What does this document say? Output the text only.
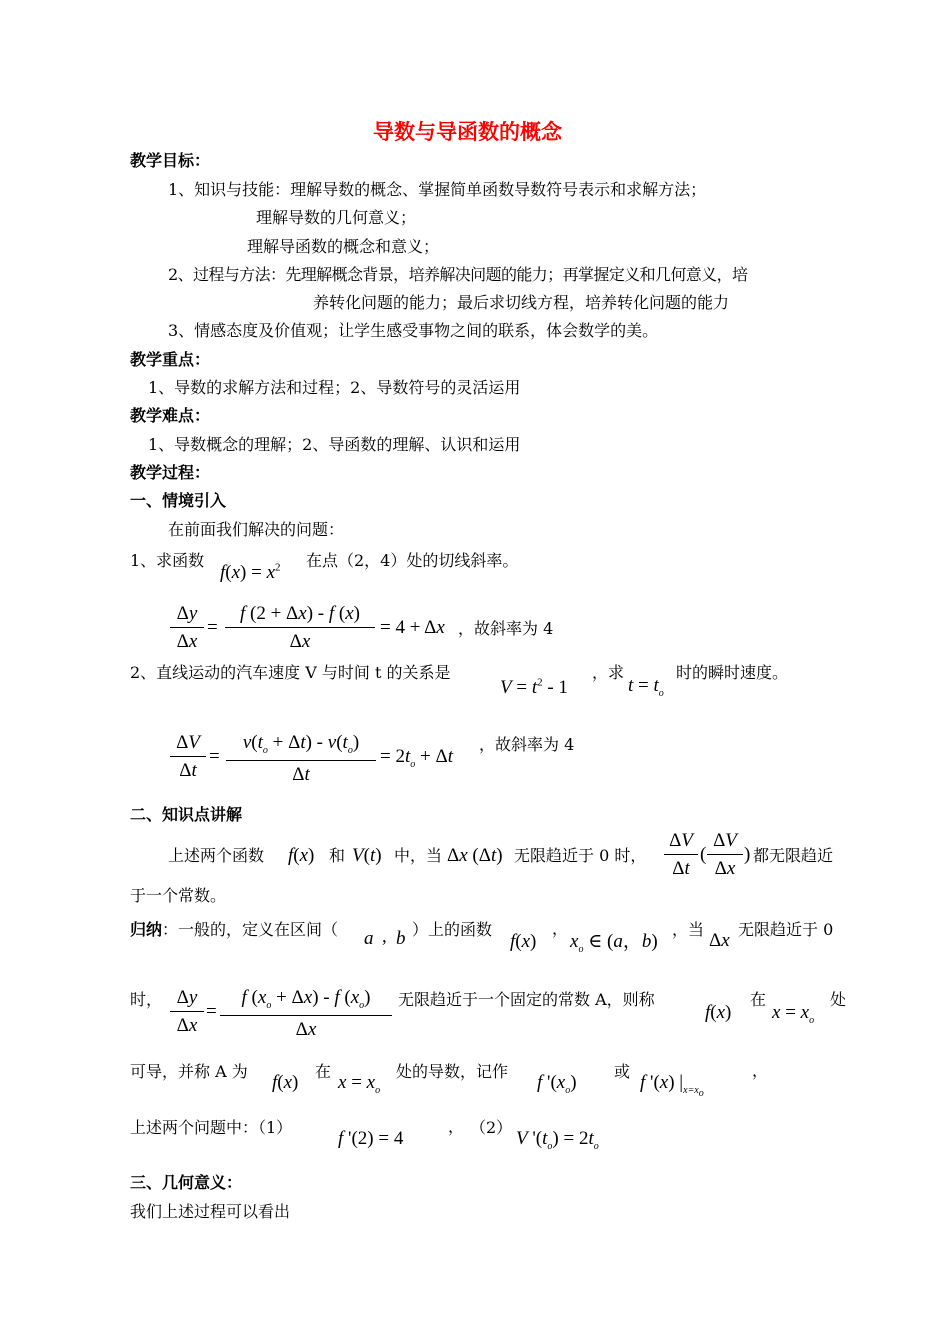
导数与导函数的概念
教学目标：
1、知识与技能：理解导数的概念、掌握简单函数导数符号表示和求解方法；
理解导数的几何意义；
理解导函数的概念和意义；
2、过程与方法：先理解概念背景，培养解决问题的能力；再掌握定义和几何意义，培
养转化问题的能力；最后求切线方程，培养转化问题的能力
3、情感态度及价值观；让学生感受事物之间的联系，体会数学的美。
教学重点：
1、导数的求解方法和过程；2、导数符号的灵活运用
教学难点：
1、导数概念的理解；2、导函数的理解、认识和运用
教学过程：
一、情境引入
在前面我们解决的问题：
1、求函数
$f(x) = x^2$ 在点（2，4）处的切线斜率。
$\frac{\Delta y}{\Delta x} = \frac{f (2 + \Delta x) - f (x)}{\Delta x} = 4 + \Delta x$ ，故斜率为 4
2、直线运动的汽车速度 V 与时间 t 的关系是
$V = t^2 - 1$
，求
$t = t_o$
时的瞬时速度。
$\frac{\Delta V}{\Delta t} = \frac{v(t_o + \Delta t) - v(t_o)}{\Delta t} = 2t_o + \Delta t$
，故斜率为 4
二、知识点讲解
上述两个函数 f(x) 和 V(t) 中，当 Δx (Δt) 无限趋近于 0 时， $\frac{\Delta V}{\Delta t}$ ( $\frac{\Delta V}{\Delta x}$ ) 都无限趋近
于一个常数。
归纳：一般的，定义在区间（ a , b ）上的函数
f(x)
，
$x_o$ ∈ (a，b)
，当
Δx
无限趋近于 0
时， $\frac{\Delta y}{\Delta x} = \frac{f (x_o + \Delta x) - f (x_o)}{\Delta x}$ 无限趋近于一个固定的常数 A，则称
f(x)
在
$x = x_o$
处
可导，并称 A 为
f(x)
在
$x = x_o$
处的导数，记作
f '$(x_o)$
或
f '(x) $|_{x=x_o}$
，
上述两个问题中：（1）
f '(2) = 4
， （2）
V '$(t_o) = 2t_o$
三、几何意义：
我们上述过程可以看出
